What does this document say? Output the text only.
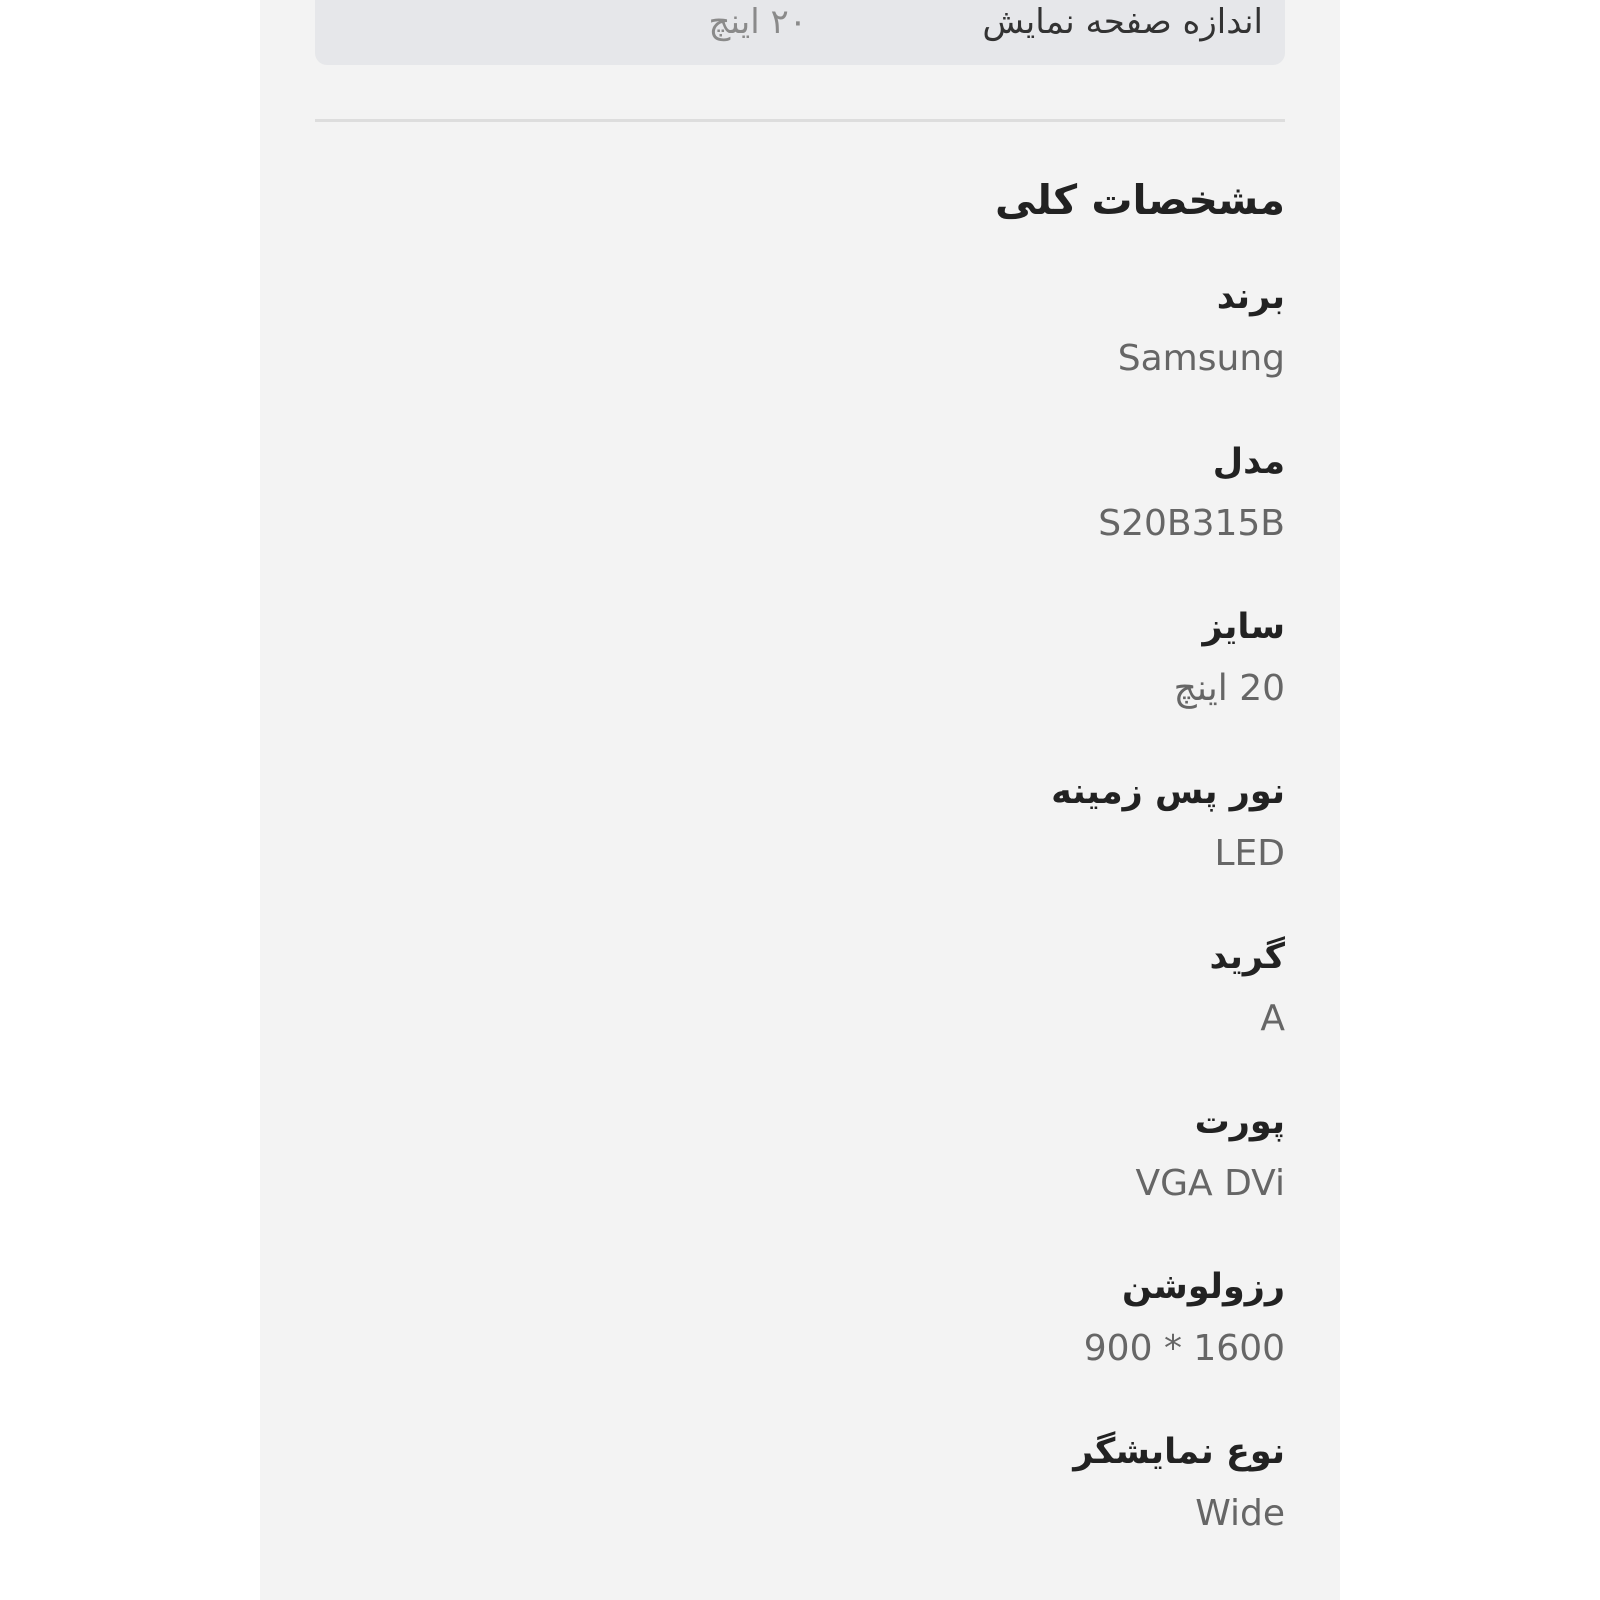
اندازه صفحه نمایش
۲۰ اینچ
مشخصات کلی
برند
Samsung
مدل
S20B315B
سایز
20 اینچ
نور پس زمینه
LED
گرید
A
پورت
VGA DVi
رزولوشن
900 * 1600
نوع نمایشگر
Wide
